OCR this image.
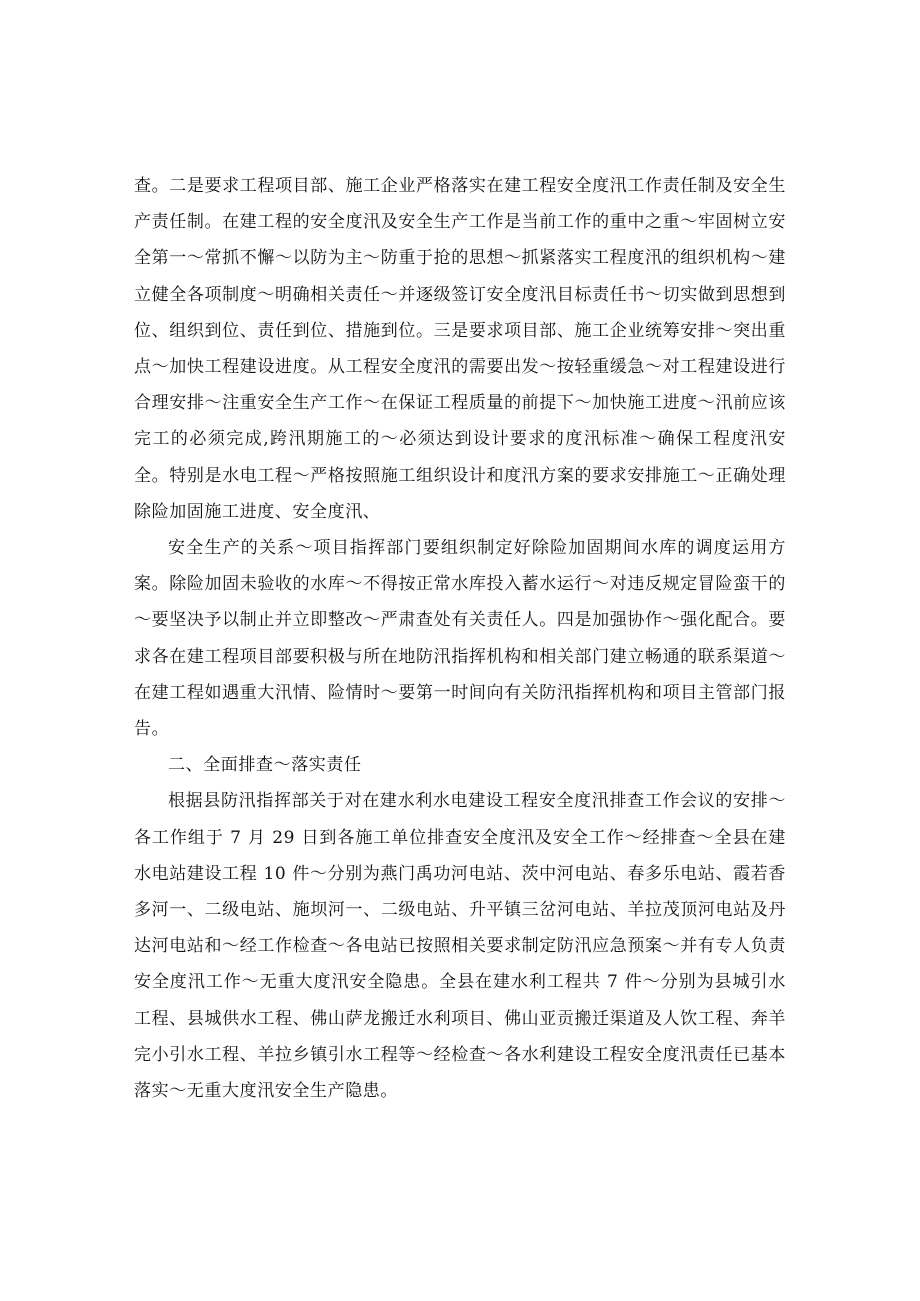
查。二是要求工程项目部、施工企业严格落实在建工程安全度汛工作责任制及安全生产责任制。在建工程的安全度汛及安全生产工作是当前工作的重中之重～牢固树立安全第一～常抓不懈～以防为主～防重于抢的思想～抓紧落实工程度汛的组织机构～建立健全各项制度～明确相关责任～并逐级签订安全度汛目标责任书～切实做到思想到位、组织到位、责任到位、措施到位。三是要求项目部、施工企业统筹安排～突出重点～加快工程建设进度。从工程安全度汛的需要出发～按轻重缓急～对工程建设进行合理安排～注重安全生产工作～在保证工程质量的前提下～加快施工进度～汛前应该完工的必须完成,跨汛期施工的～必须达到设计要求的度汛标准～确保工程度汛安全。特别是水电工程～严格按照施工组织设计和度汛方案的要求安排施工～正确处理除险加固施工进度、安全度汛、

安全生产的关系～项目指挥部门要组织制定好除险加固期间水库的调度运用方案。除险加固未验收的水库～不得按正常水库投入蓄水运行～对违反规定冒险蛮干的～要坚决予以制止并立即整改～严肃查处有关责任人。四是加强协作～强化配合。要求各在建工程项目部要积极与所在地防汛指挥机构和相关部门建立畅通的联系渠道～在建工程如遇重大汛情、险情时～要第一时间向有关防汛指挥机构和项目主管部门报告。

二、全面排查～落实责任

根据县防汛指挥部关于对在建水利水电建设工程安全度汛排查工作会议的安排～各工作组于 7 月 29 日到各施工单位排查安全度汛及安全工作～经排查～全县在建水电站建设工程 10 件～分别为燕门禹功河电站、茨中河电站、春多乐电站、霞若香多河一、二级电站、施坝河一、二级电站、升平镇三岔河电站、羊拉茂顶河电站及丹达河电站和～经工作检查～各电站已按照相关要求制定防汛应急预案～并有专人负责安全度汛工作～无重大度汛安全隐患。全县在建水利工程共 7 件～分别为县城引水工程、县城供水工程、佛山萨龙搬迁水利项目、佛山亚贡搬迁渠道及人饮工程、奔羊完小引水工程、羊拉乡镇引水工程等～经检查～各水利建设工程安全度汛责任已基本落实～无重大度汛安全生产隐患。
